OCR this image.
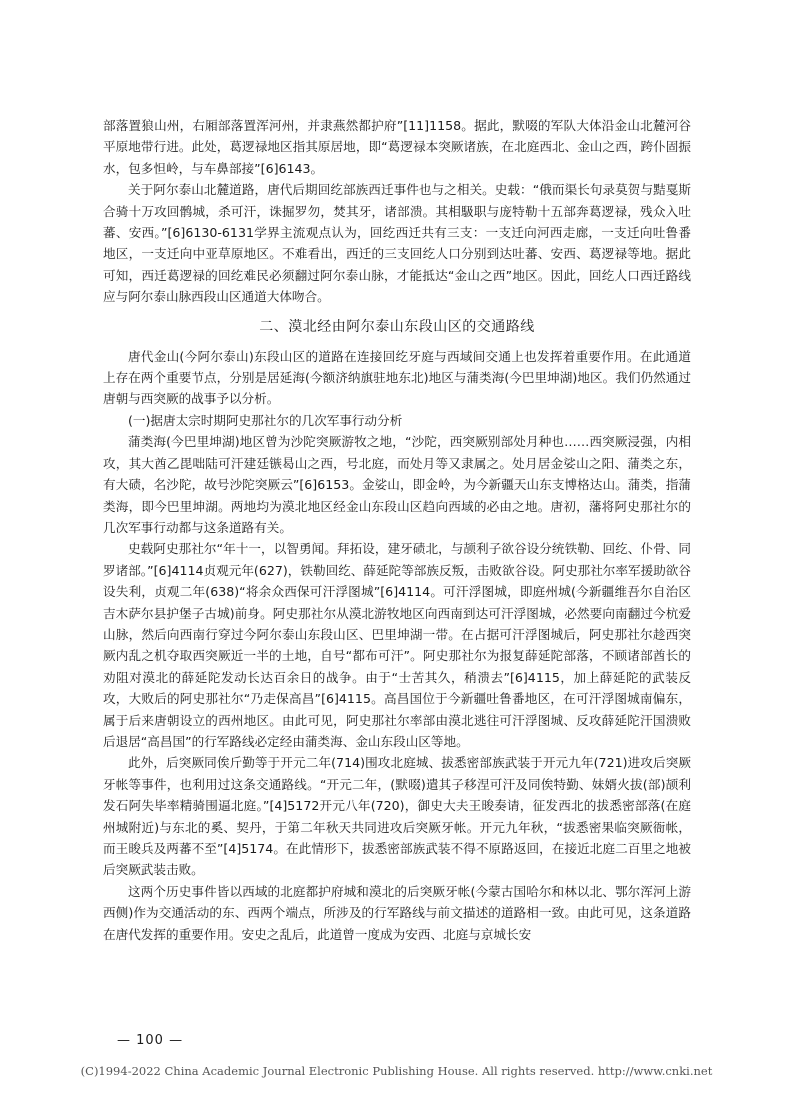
部落置狼山州，右厢部落置浑河州，并隶燕然都护府”[11]1158。据此，默啜的军队大体沿金山北麓河谷平原地带行进。此处，葛逻禄地区指其原居地，即“葛逻禄本突厥诸族，在北庭西北、金山之西，跨仆固振水，包多怛岭，与车鼻部接”[6]6143。

关于阿尔泰山北麓道路，唐代后期回纥部族西迁事件也与之相关。史载：“俄而渠长句录莫贺与黠戛斯合骑十万攻回鹘城，杀可汗，诛掘罗勿，焚其牙，诸部溃。其相馺职与庞特勒十五部奔葛逻禄，残众入吐蕃、安西。”[6]6130-6131学界主流观点认为，回纥西迁共有三支：一支迁向河西走廊，一支迁向吐鲁番地区，一支迁向中亚草原地区。不难看出，西迁的三支回纥人口分别到达吐蕃、安西、葛逻禄等地。据此可知，西迁葛逻禄的回纥难民必须翻过阿尔泰山脉，才能抵达“金山之西”地区。因此，回纥人口西迁路线应与阿尔泰山脉西段山区通道大体吻合。

二、漠北经由阿尔泰山东段山区的交通路线

唐代金山(今阿尔泰山)东段山区的道路在连接回纥牙庭与西域间交通上也发挥着重要作用。在此通道上存在两个重要节点，分别是居延海(今额济纳旗驻地东北)地区与蒲类海(今巴里坤湖)地区。我们仍然通过唐朝与西突厥的战事予以分析。

(一)据唐太宗时期阿史那社尔的几次军事行动分析

蒲类海(今巴里坤湖)地区曾为沙陀突厥游牧之地，“沙陀，西突厥别部处月种也……西突厥浸强，内相攻，其大酋乙毘咄陆可汗建廷镞曷山之西，号北庭，而处月等又隶属之。处月居金娑山之阳、蒲类之东，有大碛，名沙陀，故号沙陀突厥云”[6]6153。金娑山，即金岭，为今新疆天山东支博格达山。蒲类，指蒲类海，即今巴里坤湖。两地均为漠北地区经金山东段山区趋向西域的必由之地。唐初，藩将阿史那社尔的几次军事行动都与这条道路有关。

史载阿史那社尔“年十一，以智勇闻。拜拓设，建牙碛北，与颉利子欲谷设分统铁勒、回纥、仆骨、同罗诸部。”[6]4114贞观元年(627)，铁勒回纥、薛延陀等部族反叛，击败欲谷设。阿史那社尔率军援助欲谷设失利，贞观二年(638)“将余众西保可汗浮图城”[6]4114。可汗浮图城，即庭州城(今新疆维吾尔自治区吉木萨尔县护堡子古城)前身。阿史那社尔从漠北游牧地区向西南到达可汗浮图城，必然要向南翻过今杭爱山脉，然后向西南行穿过今阿尔泰山东段山区、巴里坤湖一带。在占据可汗浮图城后，阿史那社尔趁西突厥内乱之机夺取西突厥近一半的土地，自号“都布可汗”。阿史那社尔为报复薛延陀部落，不顾诸部酋长的劝阻对漠北的薛延陀发动长达百余日的战争。由于“士苦其久，稍溃去”[6]4115，加上薛延陀的武装反攻，大败后的阿史那社尔“乃走保高昌”[6]4115。高昌国位于今新疆吐鲁番地区，在可汗浮图城南偏东，属于后来唐朝设立的西州地区。由此可见，阿史那社尔率部由漠北逃往可汗浮图城、反攻薛延陀汗国溃败后退居“高昌国”的行军路线必定经由蒲类海、金山东段山区等地。

此外，后突厥同俟斤勤等于开元二年(714)围攻北庭城、拔悉密部族武装于开元九年(721)进攻后突厥牙帐等事件，也利用过这条交通路线。“开元二年，(默啜)遣其子移涅可汗及同俟特勤、妹婿火拔(部)颉利发石阿失毕率精骑围逼北庭。”[4]5172开元八年(720)，御史大夫王晙奏请，征发西北的拔悉密部落(在庭州城附近)与东北的奚、契丹，于第二年秋天共同进攻后突厥牙帐。开元九年秋，“拔悉密果临突厥衙帐，而王晙兵及两蕃不至”[4]5174。在此情形下，拔悉密部族武装不得不原路返回，在接近北庭二百里之地被后突厥武装击败。

这两个历史事件皆以西域的北庭都护府城和漠北的后突厥牙帐(今蒙古国哈尔和林以北、鄂尔浑河上游西侧)作为交通活动的东、西两个端点，所涉及的行军路线与前文描述的道路相一致。由此可见，这条道路在唐代发挥的重要作用。安史之乱后，此道曾一度成为安西、北庭与京城长安

— 100 —
(C)1994-2022 China Academic Journal Electronic Publishing House. All rights reserved. http://www.cnki.net
